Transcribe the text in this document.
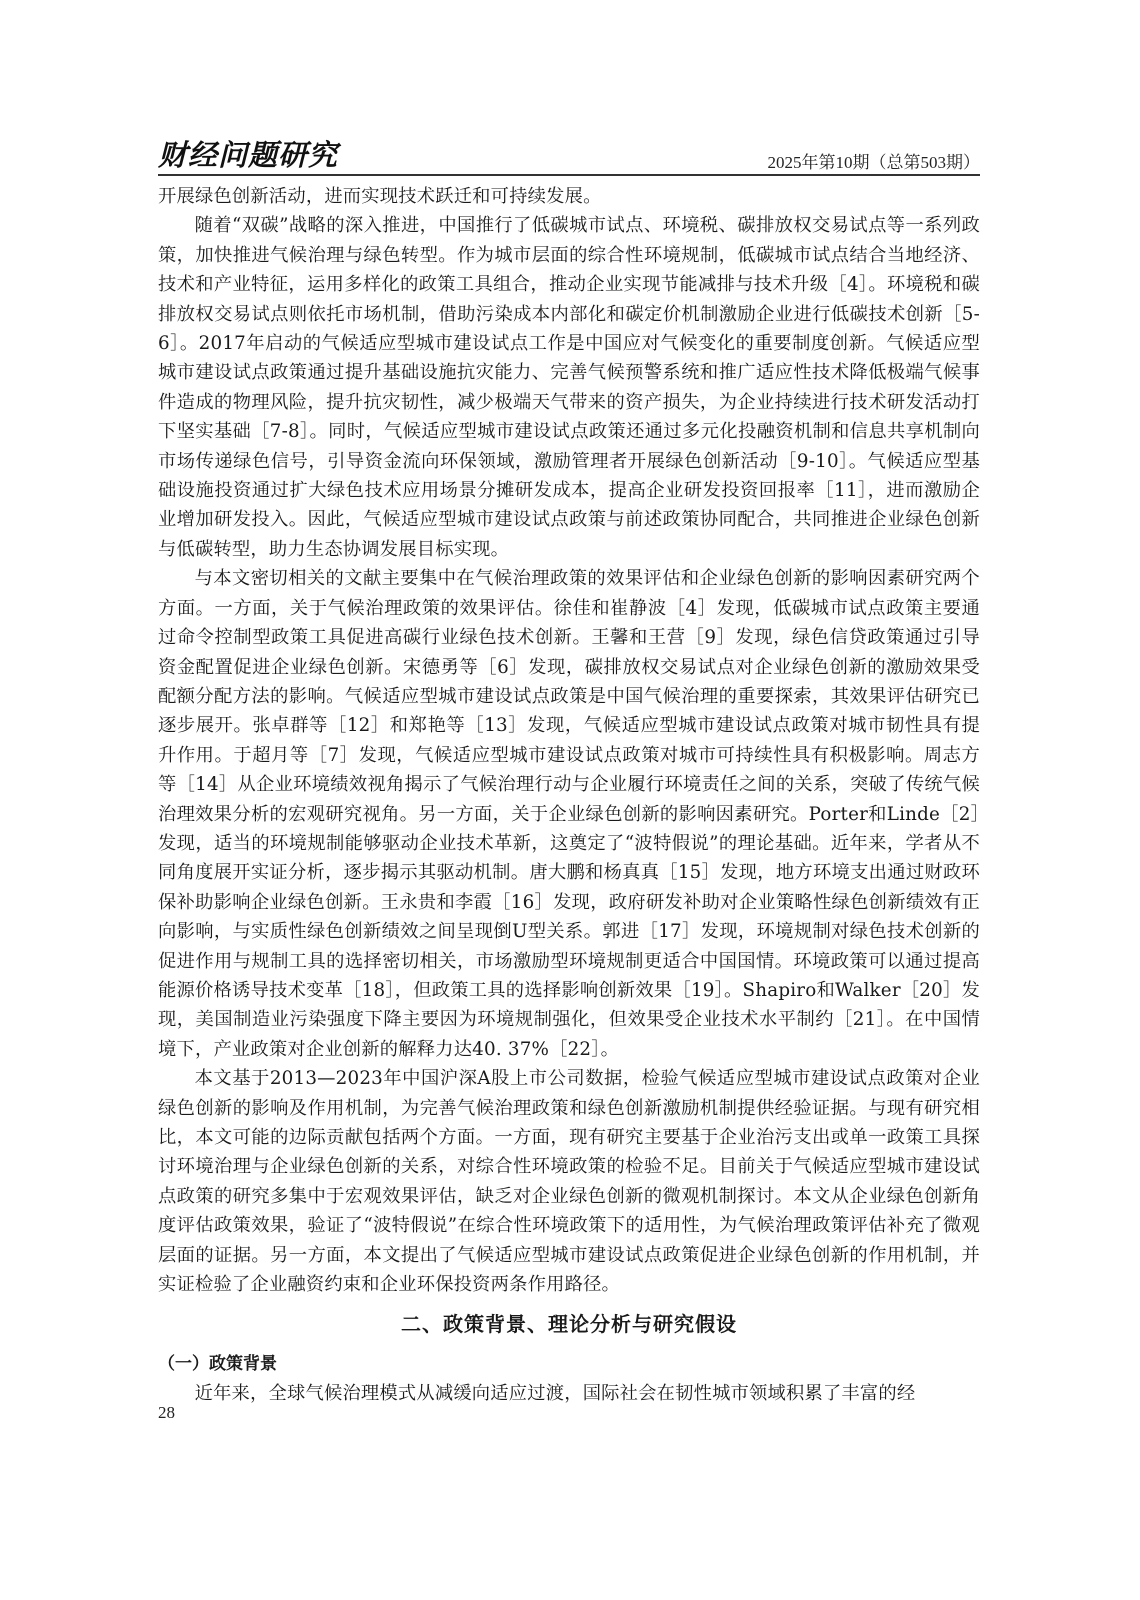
财经问题研究	2025年第10期（总第503期）

开展绿色创新活动，进而实现技术跃迁和可持续发展。

随着“双碳”战略的深入推进，中国推行了低碳城市试点、环境税、碳排放权交易试点等一系列政策，加快推进气候治理与绿色转型。作为城市层面的综合性环境规制，低碳城市试点结合当地经济、技术和产业特征，运用多样化的政策工具组合，推动企业实现节能减排与技术升级［4］。环境税和碳排放权交易试点则依托市场机制，借助污染成本内部化和碳定价机制激励企业进行低碳技术创新［5-6］。2017年启动的气候适应型城市建设试点工作是中国应对气候变化的重要制度创新。气候适应型城市建设试点政策通过提升基础设施抗灾能力、完善气候预警系统和推广适应性技术降低极端气候事件造成的物理风险，提升抗灾韧性，减少极端天气带来的资产损失，为企业持续进行技术研发活动打下坚实基础［7-8］。同时，气候适应型城市建设试点政策还通过多元化投融资机制和信息共享机制向市场传递绿色信号，引导资金流向环保领域，激励管理者开展绿色创新活动［9-10］。气候适应型基础设施投资通过扩大绿色技术应用场景分摊研发成本，提高企业研发投资回报率［11］，进而激励企业增加研发投入。因此，气候适应型城市建设试点政策与前述政策协同配合，共同推进企业绿色创新与低碳转型，助力生态协调发展目标实现。

与本文密切相关的文献主要集中在气候治理政策的效果评估和企业绿色创新的影响因素研究两个方面。一方面，关于气候治理政策的效果评估。徐佳和崔静波［4］发现，低碳城市试点政策主要通过命令控制型政策工具促进高碳行业绿色技术创新。王馨和王营［9］发现，绿色信贷政策通过引导资金配置促进企业绿色创新。宋德勇等［6］发现，碳排放权交易试点对企业绿色创新的激励效果受配额分配方法的影响。气候适应型城市建设试点政策是中国气候治理的重要探索，其效果评估研究已逐步展开。张卓群等［12］和郑艳等［13］发现，气候适应型城市建设试点政策对城市韧性具有提升作用。于超月等［7］发现，气候适应型城市建设试点政策对城市可持续性具有积极影响。周志方等［14］从企业环境绩效视角揭示了气候治理行动与企业履行环境责任之间的关系，突破了传统气候治理效果分析的宏观研究视角。另一方面，关于企业绿色创新的影响因素研究。Porter和Linde［2］发现，适当的环境规制能够驱动企业技术革新，这奠定了“波特假说”的理论基础。近年来，学者从不同角度展开实证分析，逐步揭示其驱动机制。唐大鹏和杨真真［15］发现，地方环境支出通过财政环保补助影响企业绿色创新。王永贵和李霞［16］发现，政府研发补助对企业策略性绿色创新绩效有正向影响，与实质性绿色创新绩效之间呈现倒U型关系。郭进［17］发现，环境规制对绿色技术创新的促进作用与规制工具的选择密切相关，市场激励型环境规制更适合中国国情。环境政策可以通过提高能源价格诱导技术变革［18］，但政策工具的选择影响创新效果［19］。Shapiro和Walker［20］发现，美国制造业污染强度下降主要因为环境规制强化，但效果受企业技术水平制约［21］。在中国情境下，产业政策对企业创新的解释力达40. 37%［22］。

本文基于2013—2023年中国沪深A股上市公司数据，检验气候适应型城市建设试点政策对企业绿色创新的影响及作用机制，为完善气候治理政策和绿色创新激励机制提供经验证据。与现有研究相比，本文可能的边际贡献包括两个方面。一方面，现有研究主要基于企业治污支出或单一政策工具探讨环境治理与企业绿色创新的关系，对综合性环境政策的检验不足。目前关于气候适应型城市建设试点政策的研究多集中于宏观效果评估，缺乏对企业绿色创新的微观机制探讨。本文从企业绿色创新角度评估政策效果，验证了“波特假说”在综合性环境政策下的适用性，为气候治理政策评估补充了微观层面的证据。另一方面，本文提出了气候适应型城市建设试点政策促进企业绿色创新的作用机制，并实证检验了企业融资约束和企业环保投资两条作用路径。

二、政策背景、理论分析与研究假设
（一）政策背景

近年来，全球气候治理模式从减缓向适应过渡，国际社会在韧性城市领域积累了丰富的经

28
